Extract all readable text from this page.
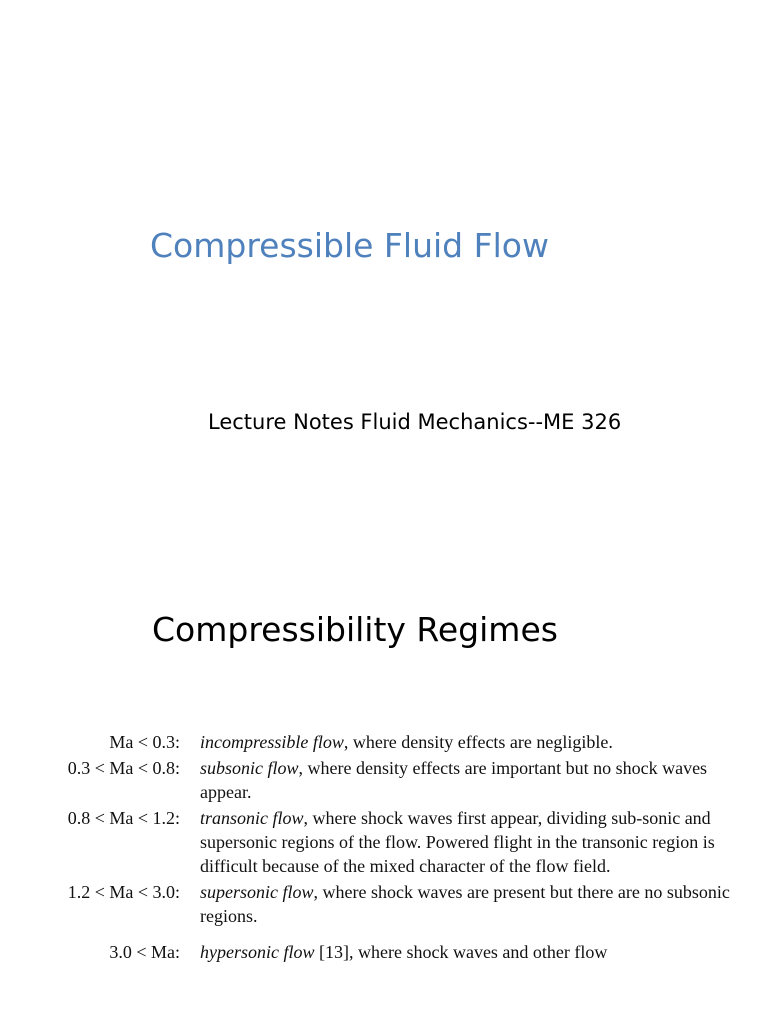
Compressible Fluid Flow

Lecture Notes Fluid Mechanics--ME 326

Compressibility Regimes
Ma < 0.3:	incompressible flow, where density effects are negligible.
0.3 < Ma < 0.8:	subsonic flow, where density effects are important but no shock waves appear.
0.8 < Ma < 1.2:	transonic flow, where shock waves first appear, dividing sub-sonic and supersonic regions of the flow. Powered flight in the transonic region is difficult because of the mixed character of the flow field.
1.2 < Ma < 3.0:	supersonic flow, where shock waves are present but there are no subsonic regions.
3.0 < Ma:	hypersonic flow [13], where shock waves and other flow
